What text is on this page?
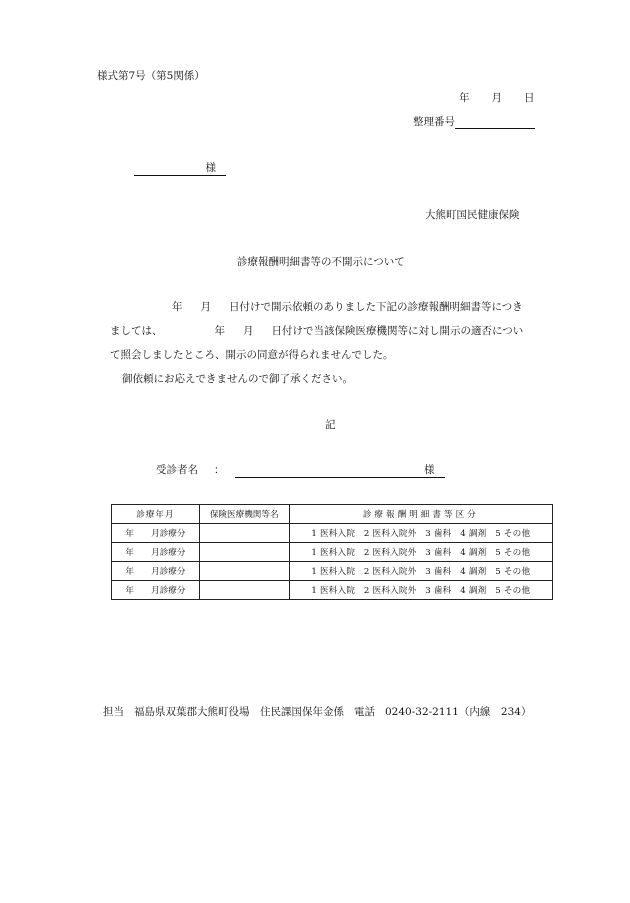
様式第7号（第5関係）
年 月 日
整理番号
様
大熊町国民健康保険
診療報酬明細書等の不開示について
年 月 日付けで開示依頼のありました下記の診療報酬明細書等につき
ましては、	年 月 日付けで当該保険医療機関等に対し開示の適否につい
て照会しましたところ、開示の同意が得られませんでした。
御依頼にお応えできませんので御了承ください。
記
受診者名 ：	様
診療年月	保険医療機関等名	診療報酬明細書等区分
年　　月診療分		1 医科入院　2 医科入院外　3 歯科　4 調剤　5 その他
年　　月診療分		1 医科入院　2 医科入院外　3 歯科　4 調剤　5 その他
年　　月診療分		1 医科入院　2 医科入院外　3 歯科　4 調剤　5 その他
年　　月診療分		1 医科入院　2 医科入院外　3 歯科　4 調剤　5 その他
担当 福島県双葉郡大熊町役場　住民課国保年金係 電話 0240-32-2111（内線　234）
